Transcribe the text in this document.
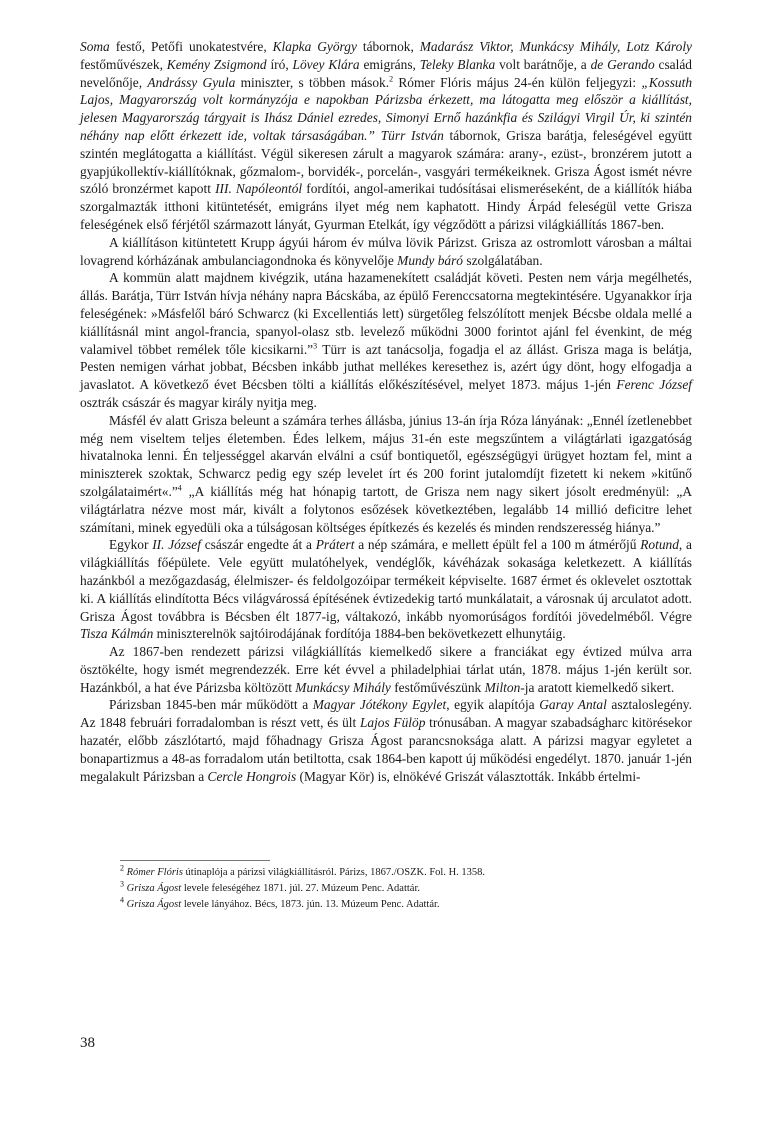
Soma festő, Petőfi unokatestvére, Klapka György tábornok, Madarász Viktor, Munkácsy Mihály, Lotz Károly festőművészek, Kemény Zsigmond író, Lövey Klára emigráns, Teleky Blanka volt barátnője, a de Gerando család nevelőnője, Andrássy Gyula miniszter, s többen mások.$^2$ Rómer Flóris május 24-én külön feljegyzi: „Kossuth Lajos, Magyarország volt kormányzója e napokban Párizsba érkezett, ma látogatta meg először a kiállítást, jelesen Magyarország tárgyait is Ihász Dániel ezredes, Simonyi Ernő hazánkfia és Szilágyi Virgil Úr, ki szintén néhány nap előtt érkezett ide, voltak társaságában.” Türr István tábornok, Grisza barátja, feleségével együtt szintén meglátogatta a kiállítást. Végül sikeresen zárult a magyarok számára: arany-, ezüst-, bronzérem jutott a gyapjúkollektív-kiállítóknak, gőzmalom-, borvidék-, porcelán-, vasgyári termékeiknek. Grisza Ágost ismét névre szóló bronzérmet kapott III. Napóleontól fordítói, angol-amerikai tudósításai elismeréseként, de a kiállítók hiába szorgalmazták itthoni kitüntetését, emigráns ilyet még nem kaphatott. Hindy Árpád feleségül vette Grisza feleségének első férjétől származott lányát, Gyurman Etelkát, így végződött a párizsi világkiállítás 1867-ben.

A kiállításon kitüntetett Krupp ágyúi három év múlva lövik Párizst. Grisza az ostromlott városban a máltai lovagrend kórházának ambulanciagondnoka és könyvelője Mundy báró szolgálatában.

A kommün alatt majdnem kivégzik, utána hazamenekített családját követi. Pesten nem várja megélhetés, állás. Barátja, Türr István hívja néhány napra Bácskába, az épülő Ferenccsatorna megtekintésére. Ugyanakkor írja feleségének: »Másfelől báró Schwarcz (ki Excellentiás lett) sürgetőleg felszólított menjek Bécsbe oldala mellé a kiállításnál mint angol-francia, spanyol-olasz stb. levelező működni 3000 forintot ajánl fel évenkint, de még valamivel többet remélek tőle kicsikarni.”$^3$ Türr is azt tanácsolja, fogadja el az állást. Grisza maga is belátja, Pesten nemigen várhat jobbat, Bécsben inkább juthat mellékes keresethez is, azért úgy dönt, hogy elfogadja a javaslatot. A következő évet Bécsben tölti a kiállítás előkészítésével, melyet 1873. május 1-jén Ferenc József osztrák császár és magyar király nyitja meg.

Másfél év alatt Grisza beleunt a számára terhes állásba, június 13-án írja Róza lányának: „Ennél ízetlenebbet még nem viseltem teljes életemben. Édes lelkem, május 31-én este megszűntem a világtárlati igazgatóság hivatalnoka lenni. Én teljességgel akarván elválni a csúf bontiquetől, egészségügyi ürügyet hoztam fel, mint a miniszterek szoktak, Schwarcz pedig egy szép levelet írt és 200 forint jutalomdíjt fizetett ki nekem »kitűnő szolgálataimért«.”$^4$ „A kiállítás még hat hónapig tartott, de Grisza nem nagy sikert jósolt eredményül: „A világtárlatra nézve most már, kivált a folytonos esőzések következtében, legalább 14 millió deficitre lehet számítani, minek egyedüli oka a túlságosan költséges építkezés és kezelés és minden rendszeresség hiánya.”

Egykor II. József császár engedte át a Prátert a nép számára, e mellett épült fel a 100 m átmérőjű Rotund, a világkiállítás főépülete. Vele együtt mulatóhelyek, vendéglők, kávéházak sokasága keletkezett. A kiállítás hazánkból a mezőgazdaság, élelmiszer- és feldolgozóipar termékeit képviselte. 1687 érmet és oklevelet osztottak ki. A kiállítás elindította Bécs világvárossá építésének évtizedekig tartó munkálatait, a városnak új arculatot adott. Grisza Ágost továbbra is Bécsben élt 1877-ig, váltakozó, inkább nyomorúságos fordítói jövedelméből. Végre Tisza Kálmán miniszterelnök sajtóirodájának fordítója 1884-ben bekövetkezett elhunytáig.

Az 1867-ben rendezett párizsi világkiállítás kiemelkedő sikere a franciákat egy évtized múlva arra ösztökélte, hogy ismét megrendezzék. Erre két évvel a philadelphiai tárlat után, 1878. május 1-jén került sor. Hazánkból, a hat éve Párizsba költözött Munkácsy Mihály festőművészünk Milton-ja aratott kiemelkedő sikert.

Párizsban 1845-ben már működött a Magyar Jótékony Egylet, egyik alapítója Garay Antal asztaloslegény. Az 1848 februári forradalomban is részt vett, és ült Lajos Fülöp trónusában. A magyar szabadságharc kitörésekor hazatér, előbb zászlótartó, majd főhadnagy Grisza Ágost parancsnoksága alatt. A párizsi magyar egyletet a bonapartizmus a 48-as forradalom után betiltotta, csak 1864-ben kapott új működési engedélyt. 1870. január 1-jén megalakult Párizsban a Cercle Hongrois (Magyar Kör) is, elnökévé Griszát választották. Inkább értelmi-

$^2$ Rómer Flóris útinaplója a párizsi világkiállításról. Párizs, 1867./OSZK. Fol. H. 1358.
$^3$ Grisza Ágost levele feleségéhez 1871. júl. 27. Múzeum Penc. Adattár.
$^4$ Grisza Ágost levele lányához. Bécs, 1873. jún. 13. Múzeum Penc. Adattár.
38
